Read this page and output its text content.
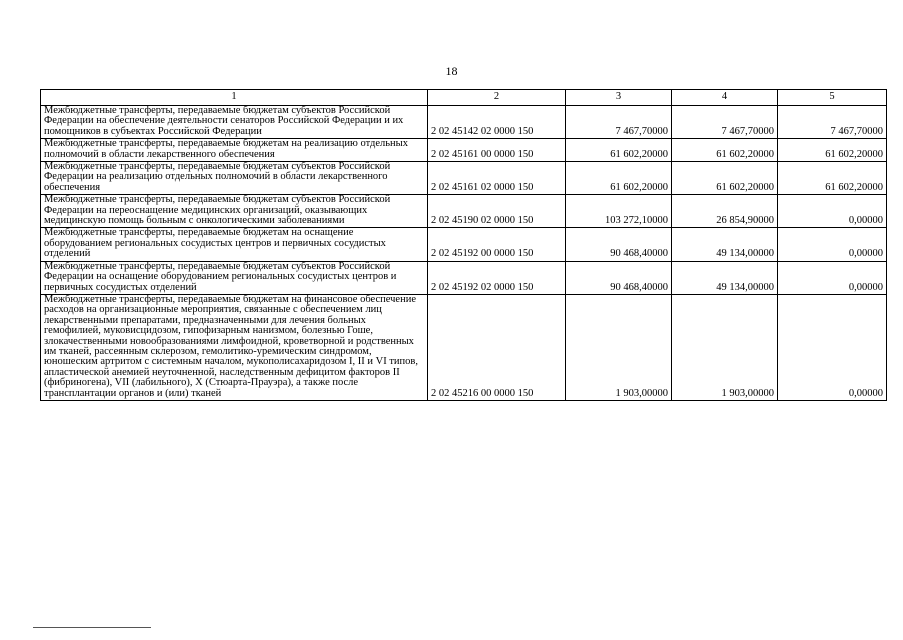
18
1	2	3	4	5
Межбюджетные трансферты, передаваемые бюджетам субъектов Российской Федерации на обеспечение деятельности сенаторов Российской Федерации и их помощников в субъектах Российской Федерации	2 02 45142 02 0000 150	7 467,70000	7 467,70000	7 467,70000
Межбюджетные трансферты, передаваемые бюджетам на реализацию отдельных полномочий в области лекарственного обеспечения	2 02 45161 00 0000 150	61 602,20000	61 602,20000	61 602,20000
Межбюджетные трансферты, передаваемые бюджетам субъектов Российской Федерации на реализацию отдельных полномочий в области лекарственного обеспечения	2 02 45161 02 0000 150	61 602,20000	61 602,20000	61 602,20000
Межбюджетные трансферты, передаваемые бюджетам субъектов Российской Федерации на переоснащение медицинских организаций, оказывающих медицинскую помощь больным с онкологическими заболеваниями	2 02 45190 02 0000 150	103 272,10000	26 854,90000	0,00000
Межбюджетные трансферты, передаваемые бюджетам на оснащение оборудованием региональных сосудистых центров и первичных сосудистых отделений	2 02 45192 00 0000 150	90 468,40000	49 134,00000	0,00000
Межбюджетные трансферты, передаваемые бюджетам субъектов Российской Федерации на оснащение оборудованием региональных сосудистых центров и первичных сосудистых отделений	2 02 45192 02 0000 150	90 468,40000	49 134,00000	0,00000
Межбюджетные трансферты, передаваемые бюджетам на финансовое обеспечение расходов на организационные мероприятия, связанные с обеспечением лиц лекарственными препаратами, предназначенными для лечения больных гемофилией, муковисцидозом, гипофизарным нанизмом, болезнью Гоше, злокачественными новообразованиями лимфоидной, кроветворной и родственных им тканей, рассеянным склерозом, гемолитико-уремическим синдромом, юношеским артритом с системным началом, мукополисахаридозом I, II и VI типов, апластической анемией неуточненной, наследственным дефицитом факторов II (фибриногена), VII (лабильного), X (Стюарта-Прауэра), а также после трансплантации органов и (или) тканей	2 02 45216 00 0000 150	1 903,00000	1 903,00000	0,00000
